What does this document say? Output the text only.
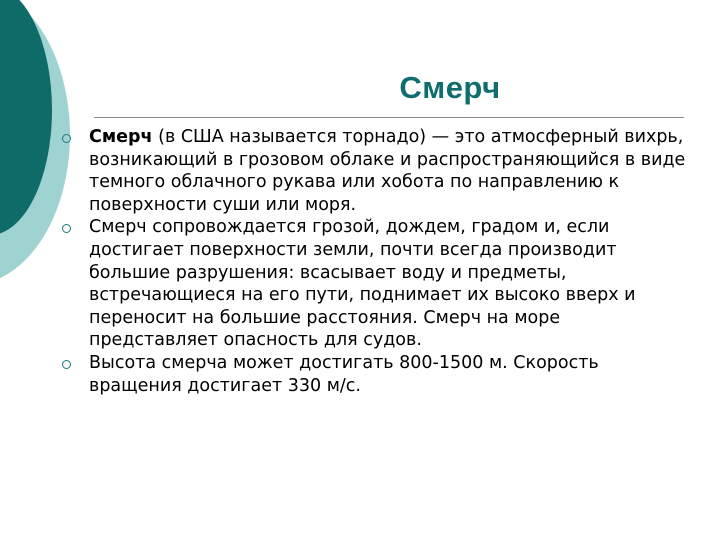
Смерч
Смерч (в США называется торнадо) — это атмосферный вихрь, возникающий в грозовом облаке и распространяющийся в виде темного облачного рукава или хобота по направлению к поверхности суши или моря.
Смерч сопровождается грозой, дождем, градом и, если достигает поверхности земли, почти всегда производит большие разрушения: всасывает воду и предметы, встречающиеся на его пути, поднимает их высоко вверх и переносит на большие расстояния. Смерч на море представляет опасность для судов.
Высота смерча может достигать 800-1500 м. Скорость вращения достигает 330 м/с.
